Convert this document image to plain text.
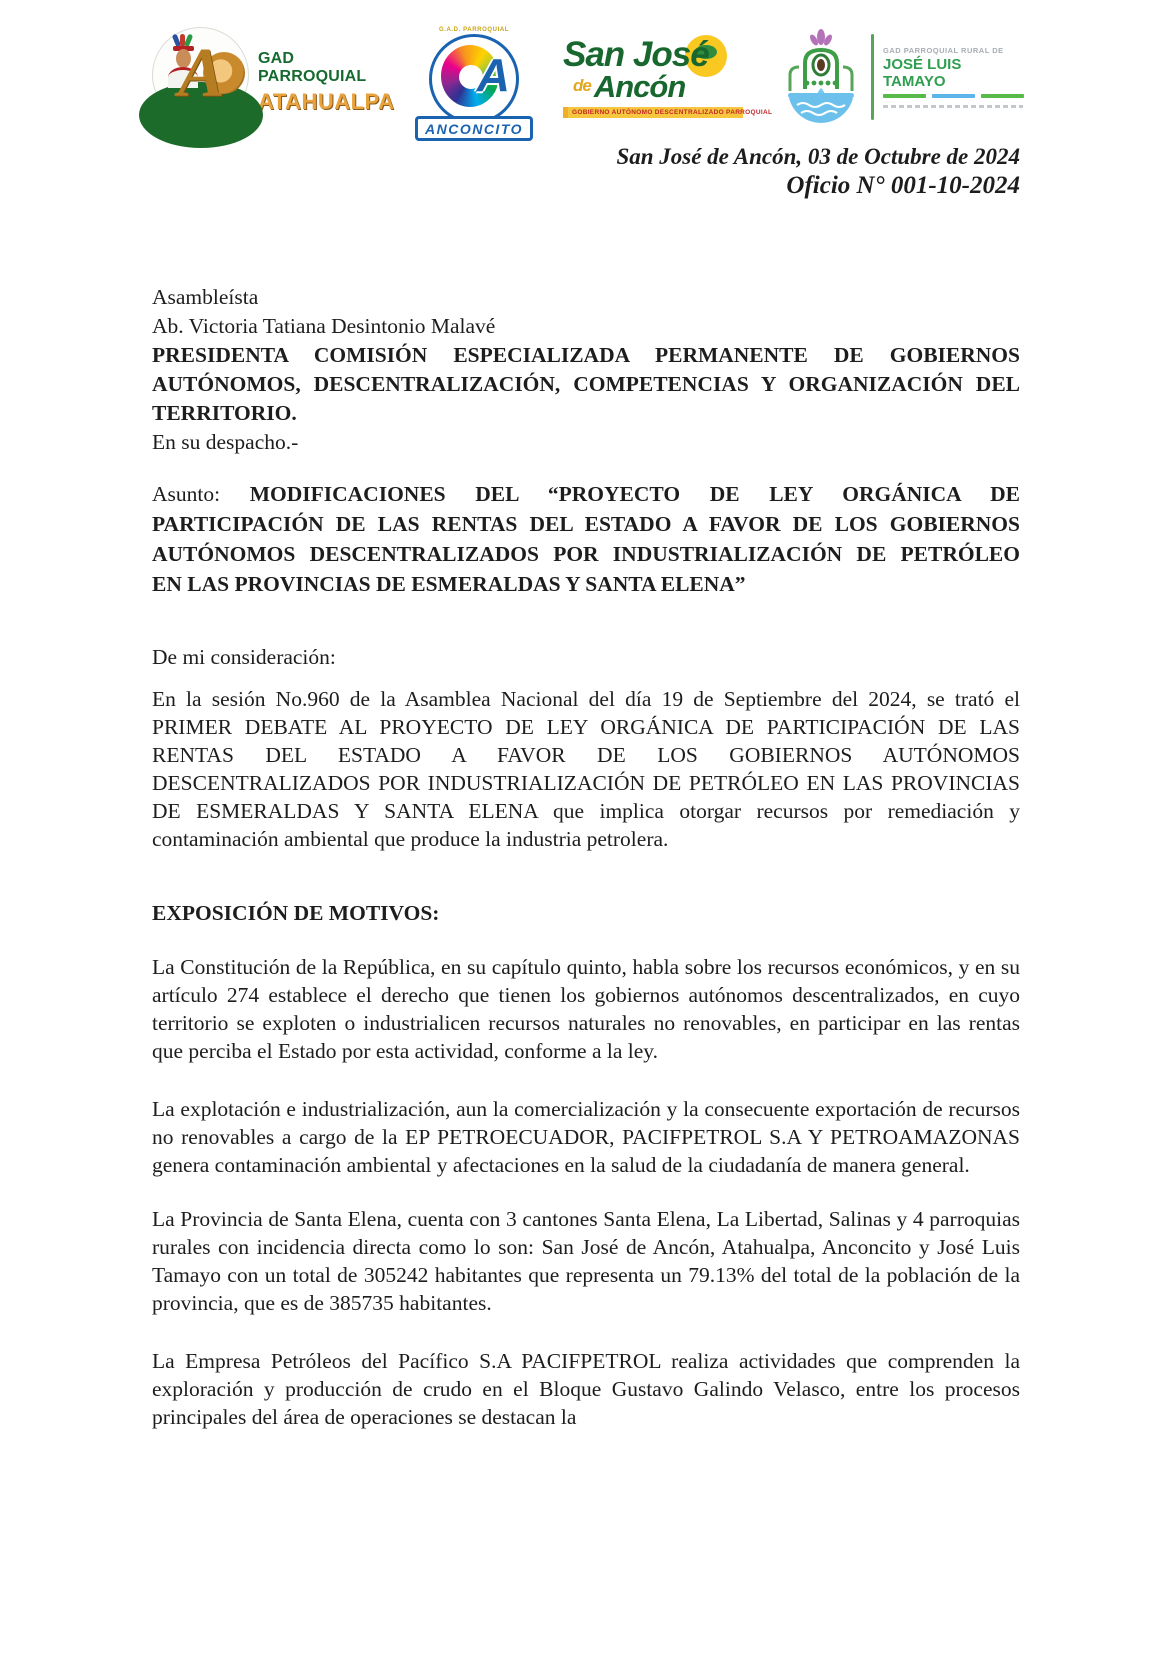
A GAD PARROQUIAL
ATAHUALPA
G.A.D. PARROQUIAL
A
ANCONCITO
San José
deAncón
GOBIERNO AUTÓNOMO DESCENTRALIZADO PARROQUIAL
GAD PARROQUIAL RURAL DE
JOSÉ LUIS TAMAYO
San José de Ancón, 03 de Octubre de 2024
Oficio N° 001-10-2024
Asambleísta
Ab. Victoria Tatiana Desintonio Malavé
PRESIDENTA COMISIÓN ESPECIALIZADA PERMANENTE DE GOBIERNOS
AUTÓNOMOS, DESCENTRALIZACIÓN, COMPETENCIAS Y ORGANIZACIÓN DEL
TERRITORIO.
En su despacho.-
Asunto: MODIFICACIONES DEL “PROYECTO DE LEY ORGÁNICA DE
PARTICIPACIÓN DE LAS RENTAS DEL ESTADO A FAVOR DE LOS GOBIERNOS
AUTÓNOMOS DESCENTRALIZADOS POR INDUSTRIALIZACIÓN DE PETRÓLEO
EN LAS PROVINCIAS DE ESMERALDAS Y SANTA ELENA”
De mi consideración:

En la sesión No.960 de la Asamblea Nacional del día 19 de Septiembre del 2024, se trató el PRIMER DEBATE AL PROYECTO DE LEY ORGÁNICA DE PARTICIPACIÓN DE LAS RENTAS DEL ESTADO A FAVOR DE LOS GOBIERNOS AUTÓNOMOS DESCENTRALIZADOS POR INDUSTRIALIZACIÓN DE PETRÓLEO EN LAS PROVINCIAS DE ESMERALDAS Y SANTA ELENA que implica otorgar recursos por remediación y contaminación ambiental que produce la industria petrolera.

EXPOSICIÓN DE MOTIVOS:

La Constitución de la República, en su capítulo quinto, habla sobre los recursos económicos, y en su artículo 274 establece el derecho que tienen los gobiernos autónomos descentralizados, en cuyo territorio se exploten o industrialicen recursos naturales no renovables, en participar en las rentas que perciba el Estado por esta actividad, conforme a la ley.

La explotación e industrialización, aun la comercialización y la consecuente exportación de recursos no renovables a cargo de la EP PETROECUADOR, PACIFPETROL S.A Y PETROAMAZONAS genera contaminación ambiental y afectaciones en la salud de la ciudadanía de manera general.

La Provincia de Santa Elena, cuenta con 3 cantones Santa Elena, La Libertad, Salinas y 4 parroquias rurales con incidencia directa como lo son: San José de Ancón, Atahualpa, Anconcito y José Luis Tamayo con un total de 305242 habitantes que representa un 79.13% del total de la población de la provincia, que es de 385735 habitantes.

La Empresa Petróleos del Pacífico S.A PACIFPETROL realiza actividades que comprenden la exploración y producción de crudo en el Bloque Gustavo Galindo Velasco, entre los procesos principales del área de operaciones se destacan la
